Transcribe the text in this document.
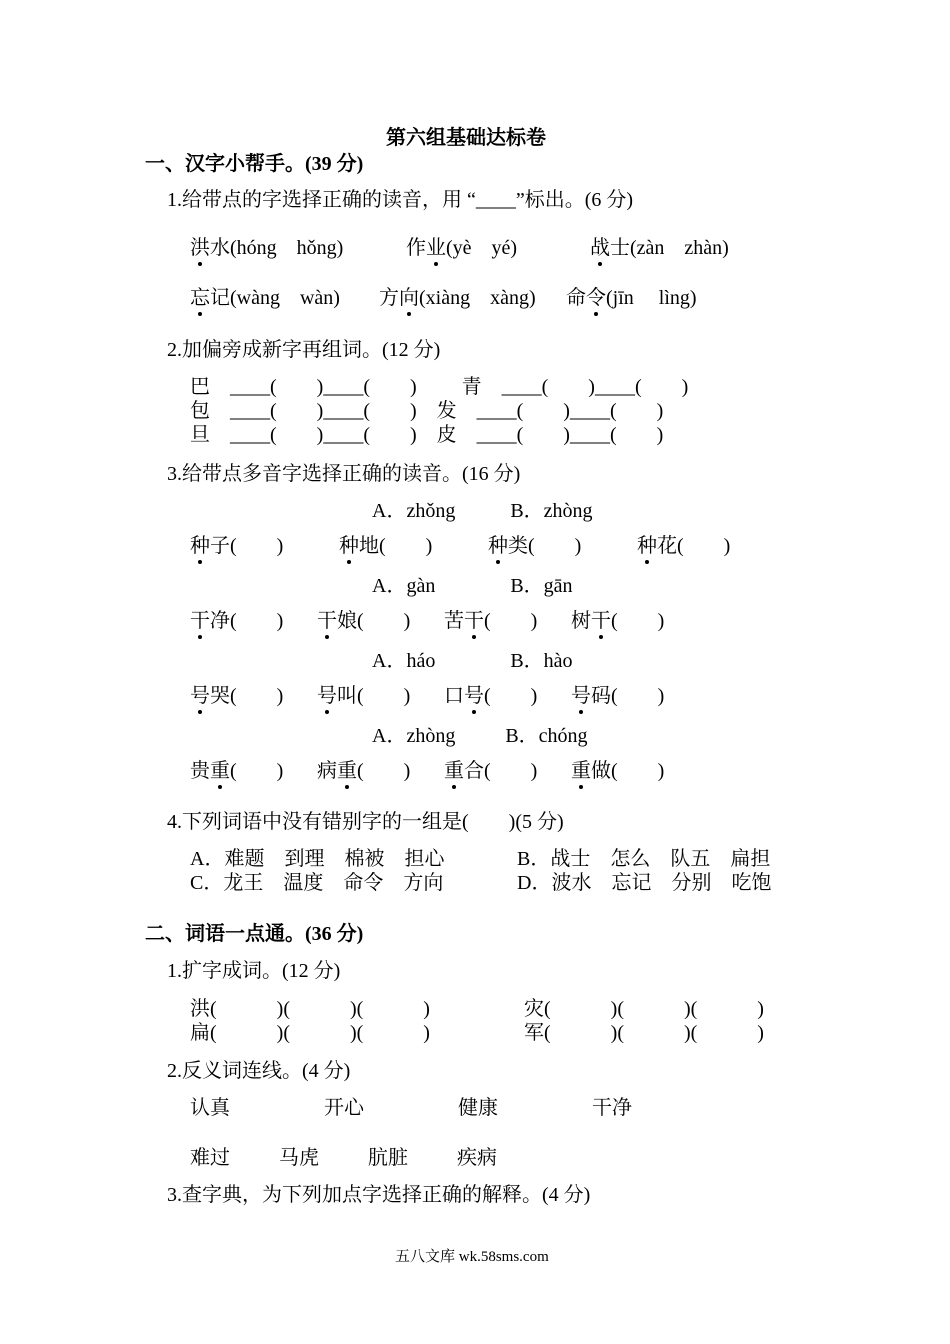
第六组基础达标卷
一、汉字小帮手。(39 分)
1.给带点的字选择正确的读音，用 “____”标出。(6 分)
洪水(hóng    hǒng)	作业(yè    yé)	战士(zàn    zhàn)
忘记(wàng    wàn) 方向(xiàng    xàng) 命令(jīn     lìng)
2.加偏旁成新字再组词。(12 分)
巴    ____(        )____(        )         青    ____(        )____(        )
包    ____(        )____(        )    发    ____(        )____(        )
旦    ____(        )____(        )    皮    ____(        )____(        )
3.给带点多音字选择正确的读音。(16 分)
A．zhǒng           B．zhòng
种子(        )	种地(        )	种类(        )	种花(        )
A．gàn               B．gān
干净(        ) 干娘(        ) 苦干(        ) 树干(        )
A．háo               B．hào
号哭(        ) 号叫(        ) 口号(        ) 号码(        )
A．zhòng          B．chóng
贵重(        ) 病重(        ) 重合(        ) 重做(        )
4.下列词语中没有错别字的一组是(        )(5 分)
A．难题    到理    棉被    担心	B．战士    怎么    队五    扁担
C．龙王    温度    命令    方向	D．波水    忘记    分别    吃饱
二、词语一点通。(36 分)
1.扩字成词。(12 分)
洪(            )(            )(            )	灾(            )(            )(            )
扁(            )(            )(            )	军(            )(            )(            )
2.反义词连线。(4 分)
认真	开心	健康	干净
难过 马虎 肮脏 疾病
3.查字典，为下列加点字选择正确的解释。(4 分)
五八文库 wk.58sms.com
